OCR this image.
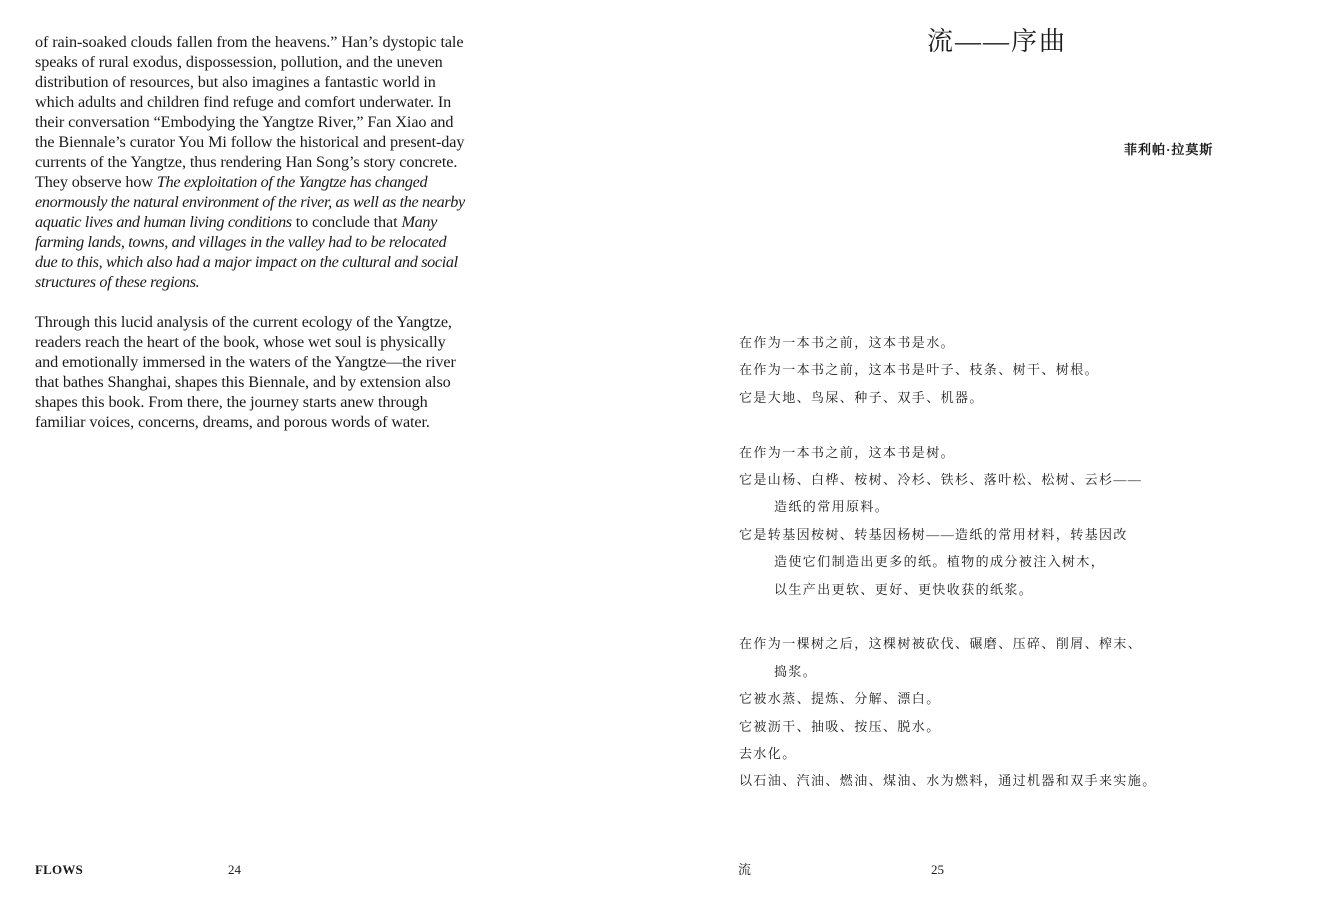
of rain-soaked clouds fallen from the heavens.” Han’s dystopic tale speaks of rural exodus, dispossession, pollution, and the uneven distribution of resources, but also imagines a fantastic world in which adults and children find refuge and comfort underwater. In their conversation “Embodying the Yangtze River,” Fan Xiao and the Biennale’s curator You Mi follow the historical and present-day currents of the Yangtze, thus rendering Han Song’s story concrete. They observe how The exploitation of the Yangtze has changed enormously the natural environment of the river, as well as the nearby aquatic lives and human living conditions to conclude that Many farming lands, towns, and villages in the valley had to be relocated due to this, which also had a major impact on the cultural and social structures of these regions.

Through this lucid analysis of the current ecology of the Yangtze, readers reach the heart of the book, whose wet soul is physically and emotionally immersed in the waters of the Yangtze—the river that bathes Shanghai, shapes this Biennale, and by extension also shapes this book. From there, the journey starts anew through familiar voices, concerns, dreams, and porous words of water.

FLOWS	24
流——序曲
菲利帕·拉莫斯
在作为一本书之前，这本书是水。
在作为一本书之前，这本书是叶子、枝条、树干、树根。
它是大地、鸟屎、种子、双手、机器。
在作为一本书之前，这本书是树。
它是山杨、白桦、桉树、冷杉、铁杉、落叶松、松树、云杉——
造纸的常用原料。
它是转基因桉树、转基因杨树——造纸的常用材料，转基因改
造使它们制造出更多的纸。植物的成分被注入树木，
以生产出更软、更好、更快收获的纸浆。
在作为一棵树之后，这棵树被砍伐、碾磨、压碎、削屑、榨末、
捣浆。
它被水蒸、提炼、分解、漂白。
它被沥干、抽吸、按压、脱水。
去水化。
以石油、汽油、燃油、煤油、水为燃料，通过机器和双手来实施。
流	25
